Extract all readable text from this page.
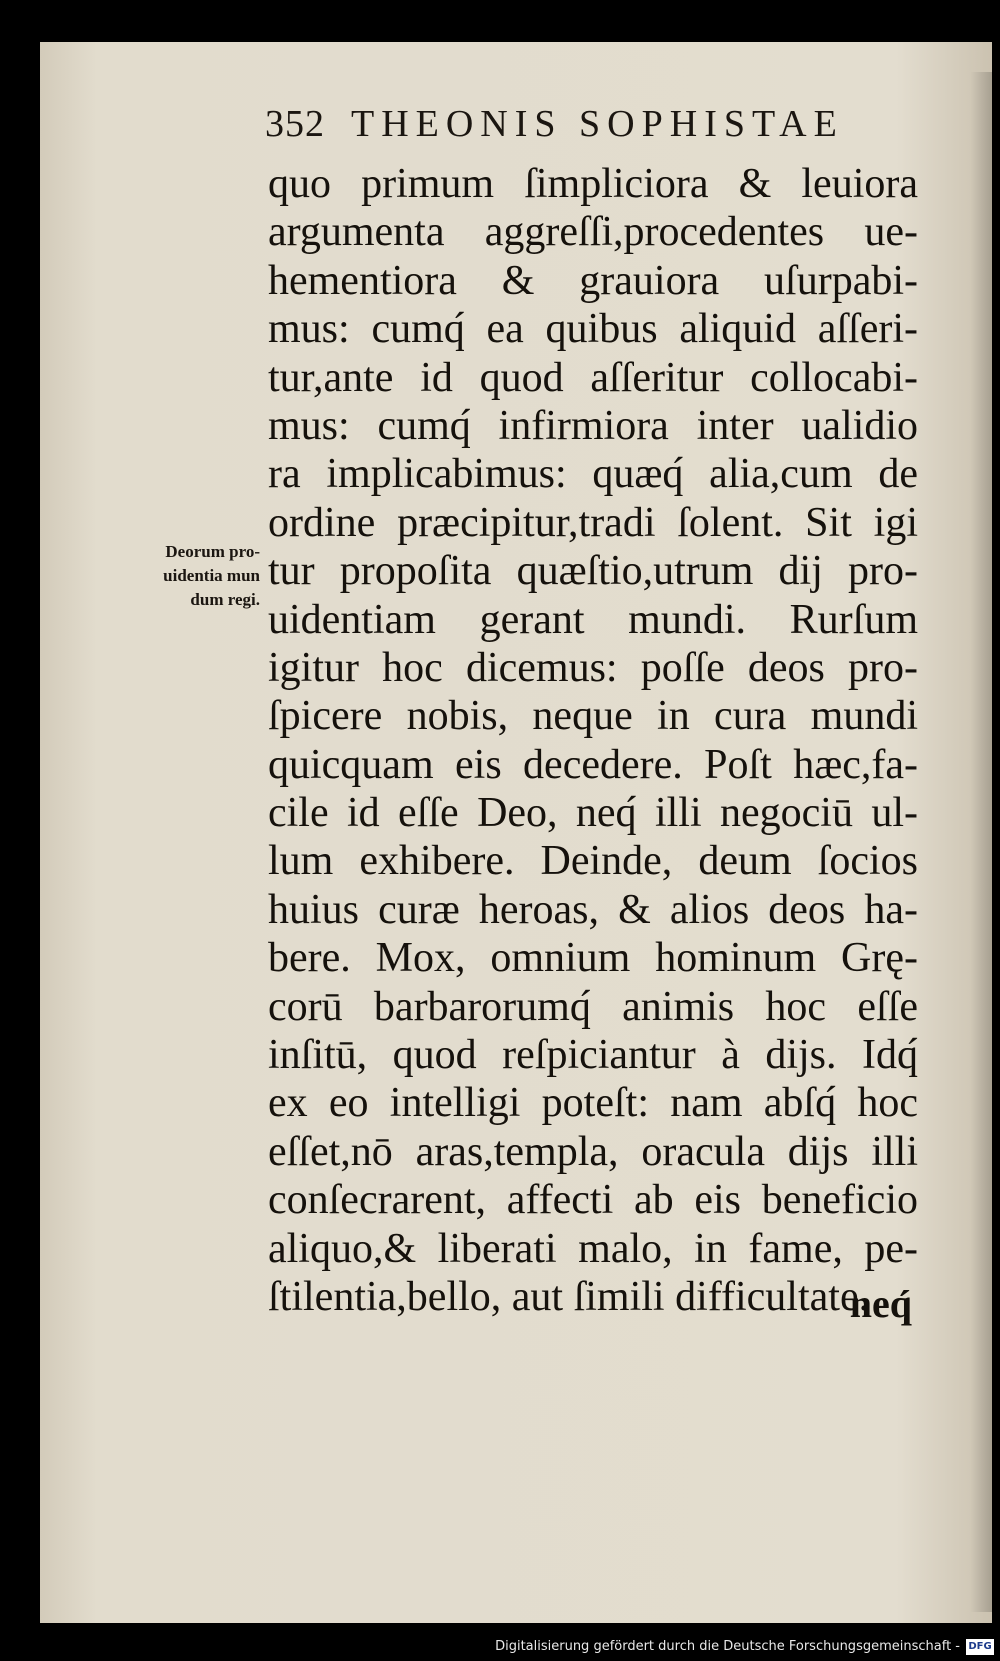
352 THEONIS SOPHISTAE
Deorum pro-
uidentia mun
dum regi.
quo primum ſimpliciora & leuiora
argumenta aggreſſi,procedentes ue-
hementiora & grauiora uſurpabi-
mus: cumq́ ea quibus aliquid aſſeri-
tur,ante id quod aſſeritur collocabi-
mus: cumq́ infirmiora inter ualidio
ra implicabimus: quæq́ alia,cum de
ordine præcipitur,tradi ſolent. Sit igi
tur propoſita quæſtio,utrum dij pro-
uidentiam gerant mundi. Rurſum
igitur hoc dicemus: poſſe deos pro-
ſpicere nobis, neque in cura mundi
quicquam eis decedere. Poſt hæc,fa-
cile id eſſe Deo, neq́ illi negociū ul-
lum exhibere. Deinde, deum ſocios
huius curæ heroas, & alios deos ha-
bere. Mox, omnium hominum Grę-
corū barbarorumq́ animis hoc eſſe
inſitū, quod reſpiciantur à dijs. Idq́
ex eo intelligi poteſt: nam abſq́ hoc
eſſet,nō aras,templa, oracula dijs illi
conſecrarent, affecti ab eis beneficio
aliquo,& liberati malo, in fame, pe-
ſtilentia,bello, aut ſimili difficultate.
neq́
Digitalisierung gefördert durch die Deutsche Forschungsgemeinschaft - DFG
